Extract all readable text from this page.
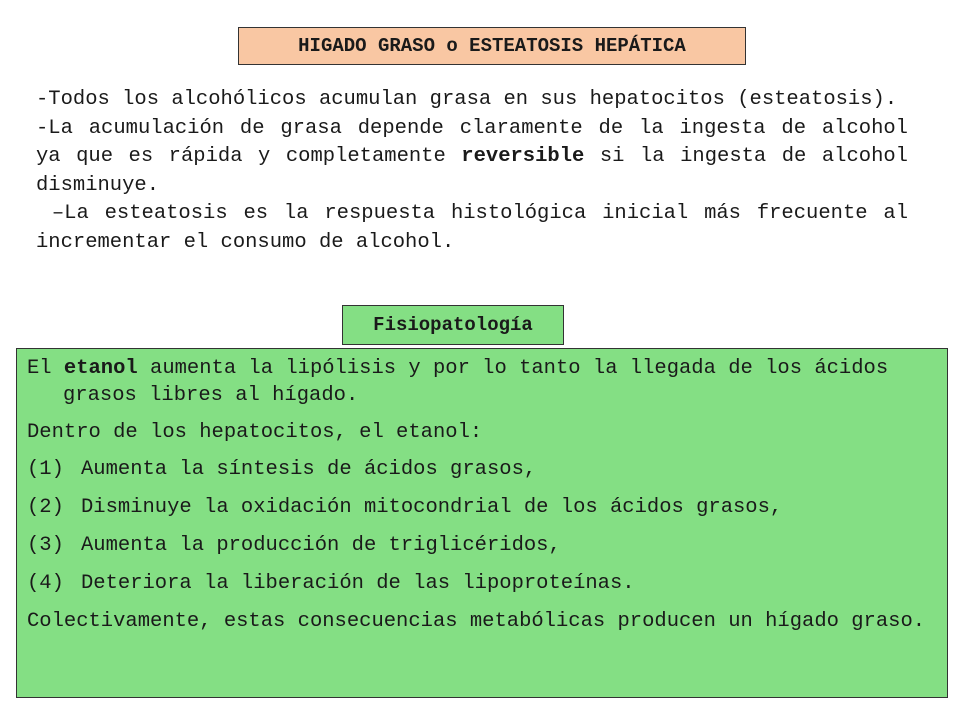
HIGADO GRASO o ESTEATOSIS HEPÁTICA

-Todos los alcohólicos acumulan grasa en sus hepatocitos (esteatosis).

-La acumulación de grasa depende claramente de la ingesta de alcohol ya que es rápida y completamente reversible si la ingesta de alcohol disminuye.

–La esteatosis es la respuesta histológica inicial más frecuente al incrementar el consumo de alcohol.

Fisiopatología

El etanol aumenta la lipólisis y por lo tanto la llegada de los ácidos grasos libres al hígado.

Dentro de los hepatocitos, el etanol:

(1) Aumenta la síntesis de ácidos grasos,
(2) Disminuye la oxidación mitocondrial de los ácidos grasos,
(3) Aumenta la producción de triglicéridos,
(4) Deteriora la liberación de las lipoproteínas.

Colectivamente, estas consecuencias metabólicas producen un hígado graso.
